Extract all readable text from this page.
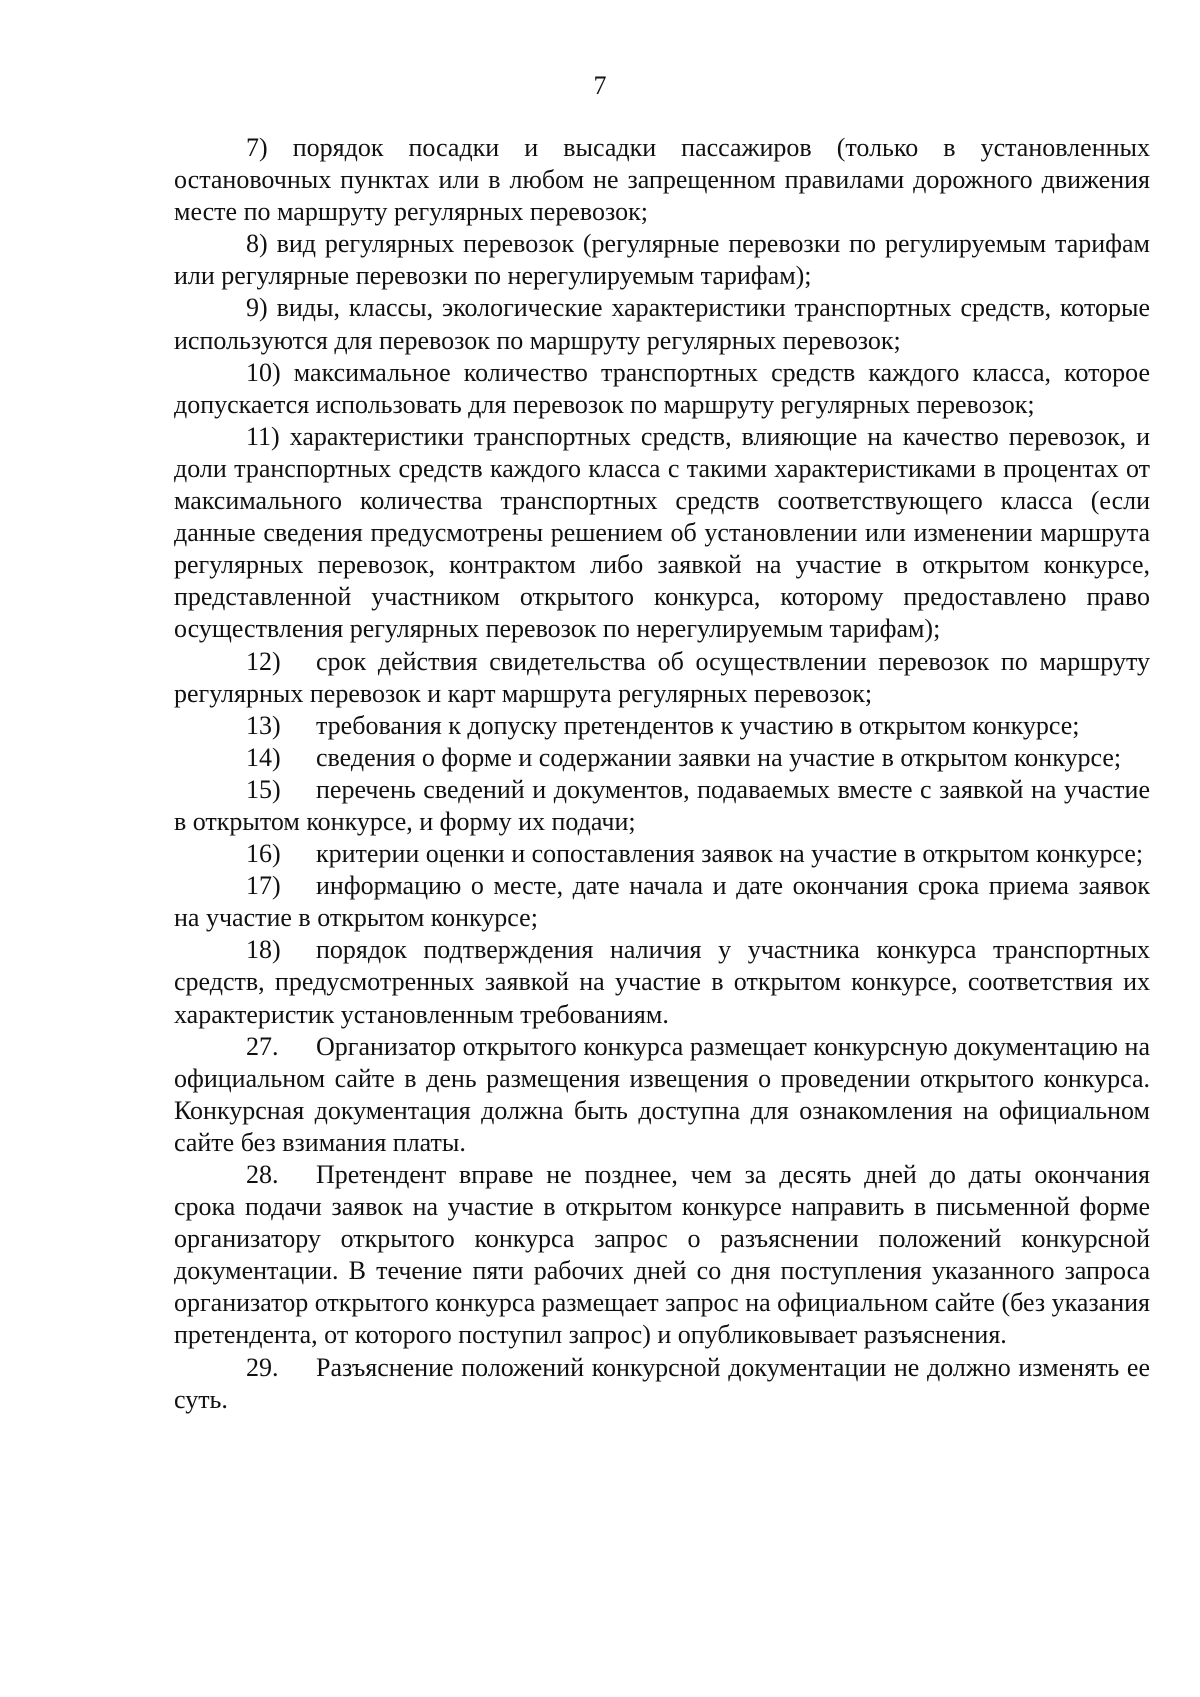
7

7) порядок посадки и высадки пассажиров (только в установленных остановочных пунктах или в любом не запрещенном правилами дорожного движения месте по маршруту регулярных перевозок;

8) вид регулярных перевозок (регулярные перевозки по регулируемым тарифам или регулярные перевозки по нерегулируемым тарифам);

9) виды, классы, экологические характеристики транспортных средств, которые используются для перевозок по маршруту регулярных перевозок;

10) максимальное количество транспортных средств каждого класса, которое допускается использовать для перевозок по маршруту регулярных перевозок;

11) характеристики транспортных средств, влияющие на качество перевозок, и доли транспортных средств каждого класса с такими характеристиками в процентах от максимального количества транспортных средств соответствующего класса (если данные сведения предусмотрены решением об установлении или изменении маршрута регулярных перевозок, контрактом либо заявкой на участие в открытом конкурсе, представленной участником открытого конкурса, которому предоставлено право осуществления регулярных перевозок по нерегулируемым тарифам);

12) срок действия свидетельства об осуществлении перевозок по маршруту регулярных перевозок и карт маршрута регулярных перевозок;

13) требования к допуску претендентов к участию в открытом конкурсе;

14) сведения о форме и содержании заявки на участие в открытом конкурсе;

15) перечень сведений и документов, подаваемых вместе с заявкой на участие в открытом конкурсе, и форму их подачи;

16) критерии оценки и сопоставления заявок на участие в открытом конкурсе;

17) информацию о месте, дате начала и дате окончания срока приема заявок на участие в открытом конкурсе;

18) порядок подтверждения наличия у участника конкурса транспортных средств, предусмотренных заявкой на участие в открытом конкурсе, соответствия их характеристик установленным требованиям.

27. Организатор открытого конкурса размещает конкурсную документацию на официальном сайте в день размещения извещения о проведении открытого конкурса. Конкурсная документация должна быть доступна для ознакомления на официальном сайте без взимания платы.

28. Претендент вправе не позднее, чем за десять дней до даты окончания срока подачи заявок на участие в открытом конкурсе направить в письменной форме организатору открытого конкурса запрос о разъяснении положений конкурсной документации. В течение пяти рабочих дней со дня поступления указанного запроса организатор открытого конкурса размещает запрос на официальном сайте (без указания претендента, от которого поступил запрос) и опубликовывает разъяснения.

29. Разъяснение положений конкурсной документации не должно изменять ее суть.
